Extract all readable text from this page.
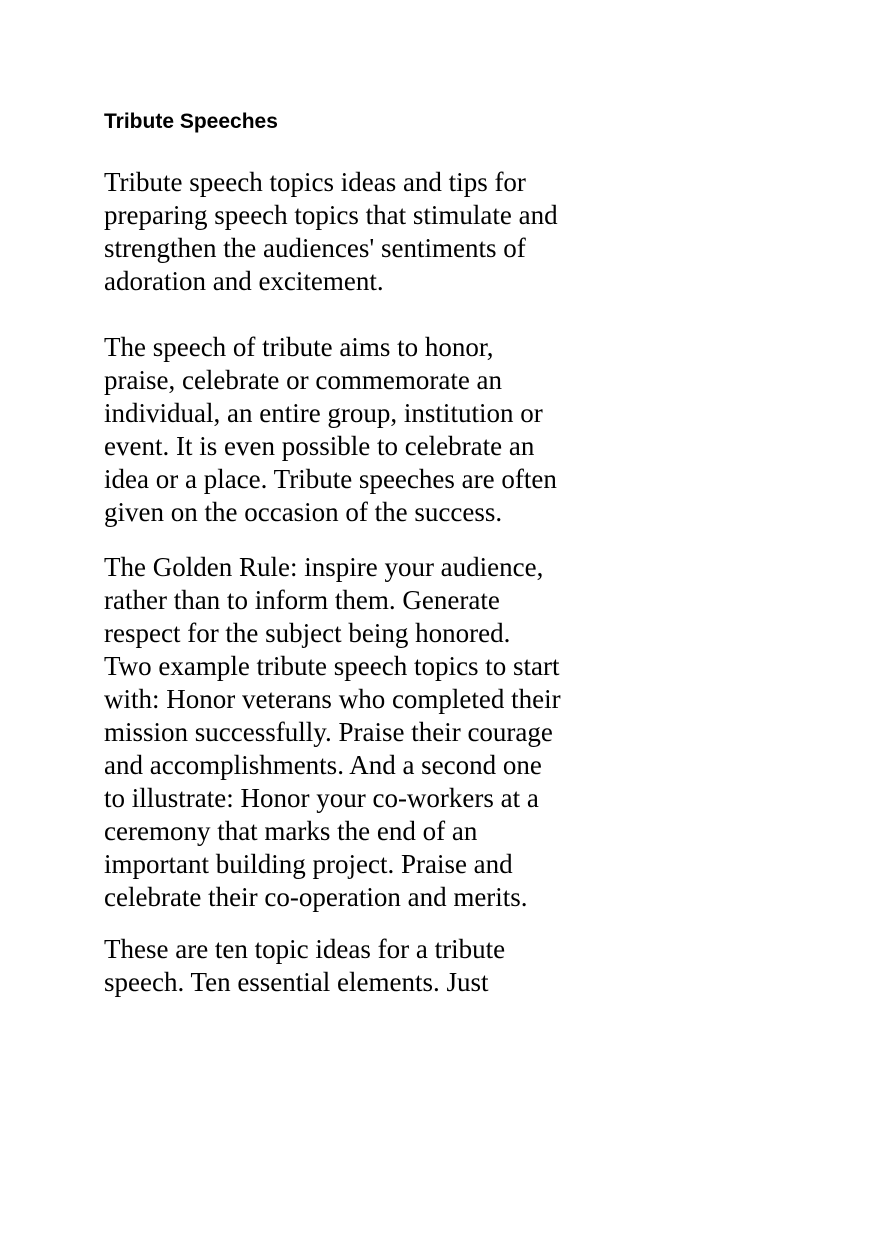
Tribute Speeches

Tribute speech topics ideas and tips for
preparing speech topics that stimulate and
strengthen the audiences' sentiments of
adoration and excitement.

The speech of tribute aims to honor,
praise, celebrate or commemorate an
individual, an entire group, institution or
event. It is even possible to celebrate an
idea or a place. Tribute speeches are often
given on the occasion of the success.

The Golden Rule: inspire your audience,
rather than to inform them. Generate
respect for the subject being honored.
Two example tribute speech topics to start
with: Honor veterans who completed their
mission successfully. Praise their courage
and accomplishments. And a second one
to illustrate: Honor your co-workers at a
ceremony that marks the end of an
important building project. Praise and
celebrate their co-operation and merits.

These are ten topic ideas for a tribute
speech. Ten essential elements. Just
